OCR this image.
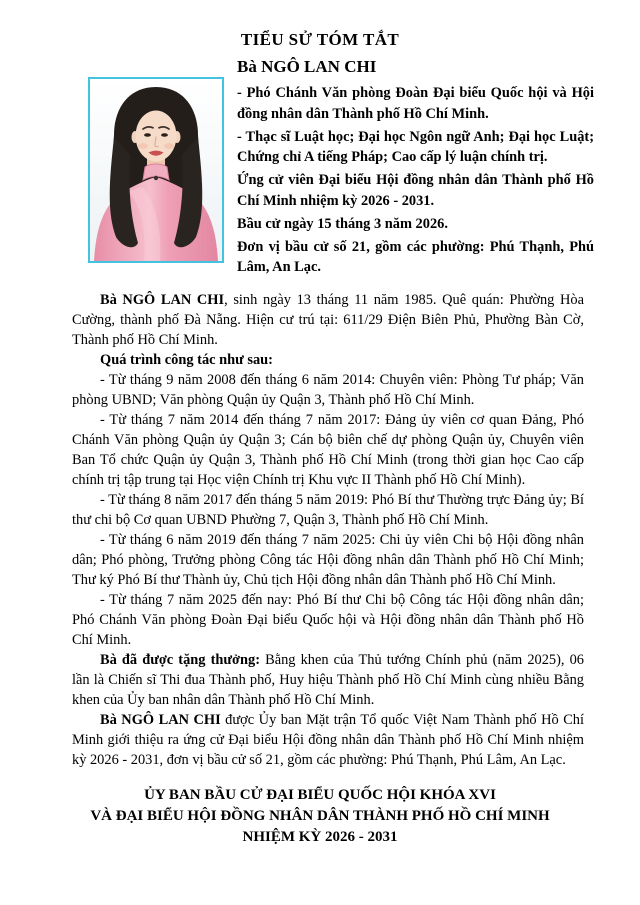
TIỂU SỬ TÓM TẮT
Bà NGÔ LAN CHI

- Phó Chánh Văn phòng Đoàn Đại biểu Quốc hội và Hội đồng nhân dân Thành phố Hồ Chí Minh.

- Thạc sĩ Luật học; Đại học Ngôn ngữ Anh; Đại học Luật; Chứng chỉ A tiếng Pháp; Cao cấp lý luận chính trị.

Ứng cử viên Đại biểu Hội đồng nhân dân Thành phố Hồ Chí Minh nhiệm kỳ 2026 - 2031.

Bầu cử ngày 15 tháng 3 năm 2026.

Đơn vị bầu cử số 21, gồm các phường: Phú Thạnh, Phú Lâm, An Lạc.

Bà NGÔ LAN CHI, sinh ngày 13 tháng 11 năm 1985. Quê quán: Phường Hòa Cường, thành phố Đà Nẵng. Hiện cư trú tại: 611/29 Điện Biên Phủ, Phường Bàn Cờ, Thành phố Hồ Chí Minh.

Quá trình công tác như sau:

- Từ tháng 9 năm 2008 đến tháng 6 năm 2014: Chuyên viên: Phòng Tư pháp; Văn phòng UBND; Văn phòng Quận ủy Quận 3, Thành phố Hồ Chí Minh.

- Từ tháng 7 năm 2014 đến tháng 7 năm 2017: Đảng ủy viên cơ quan Đảng, Phó Chánh Văn phòng Quận ủy Quận 3; Cán bộ biên chế dự phòng Quận ủy, Chuyên viên Ban Tổ chức Quận ủy Quận 3, Thành phố Hồ Chí Minh (trong thời gian học Cao cấp chính trị tập trung tại Học viện Chính trị Khu vực II Thành phố Hồ Chí Minh).

- Từ tháng 8 năm 2017 đến tháng 5 năm 2019: Phó Bí thư Thường trực Đảng ủy; Bí thư chi bộ Cơ quan UBND Phường 7, Quận 3, Thành phố Hồ Chí Minh.

- Từ tháng 6 năm 2019 đến tháng 7 năm 2025: Chi ủy viên Chi bộ Hội đồng nhân dân; Phó phòng, Trưởng phòng Công tác Hội đồng nhân dân Thành phố Hồ Chí Minh; Thư ký Phó Bí thư Thành ủy, Chủ tịch Hội đồng nhân dân Thành phố Hồ Chí Minh.

- Từ tháng 7 năm 2025 đến nay: Phó Bí thư Chi bộ Công tác Hội đồng nhân dân; Phó Chánh Văn phòng Đoàn Đại biểu Quốc hội và Hội đồng nhân dân Thành phố Hồ Chí Minh.

Bà đã được tặng thưởng: Bằng khen của Thủ tướng Chính phủ (năm 2025), 06 lần là Chiến sĩ Thi đua Thành phố, Huy hiệu Thành phố Hồ Chí Minh cùng nhiều Bằng khen của Ủy ban nhân dân Thành phố Hồ Chí Minh.

Bà NGÔ LAN CHI được Ủy ban Mặt trận Tổ quốc Việt Nam Thành phố Hồ Chí Minh giới thiệu ra ứng cử Đại biểu Hội đồng nhân dân Thành phố Hồ Chí Minh nhiệm kỳ 2026 - 2031, đơn vị bầu cử số 21, gồm các phường: Phú Thạnh, Phú Lâm, An Lạc.

ỦY BAN BẦU CỬ ĐẠI BIỂU QUỐC HỘI KHÓA XVI
VÀ ĐẠI BIỂU HỘI ĐỒNG NHÂN DÂN THÀNH PHỐ HỒ CHÍ MINH
NHIỆM KỲ 2026 - 2031
